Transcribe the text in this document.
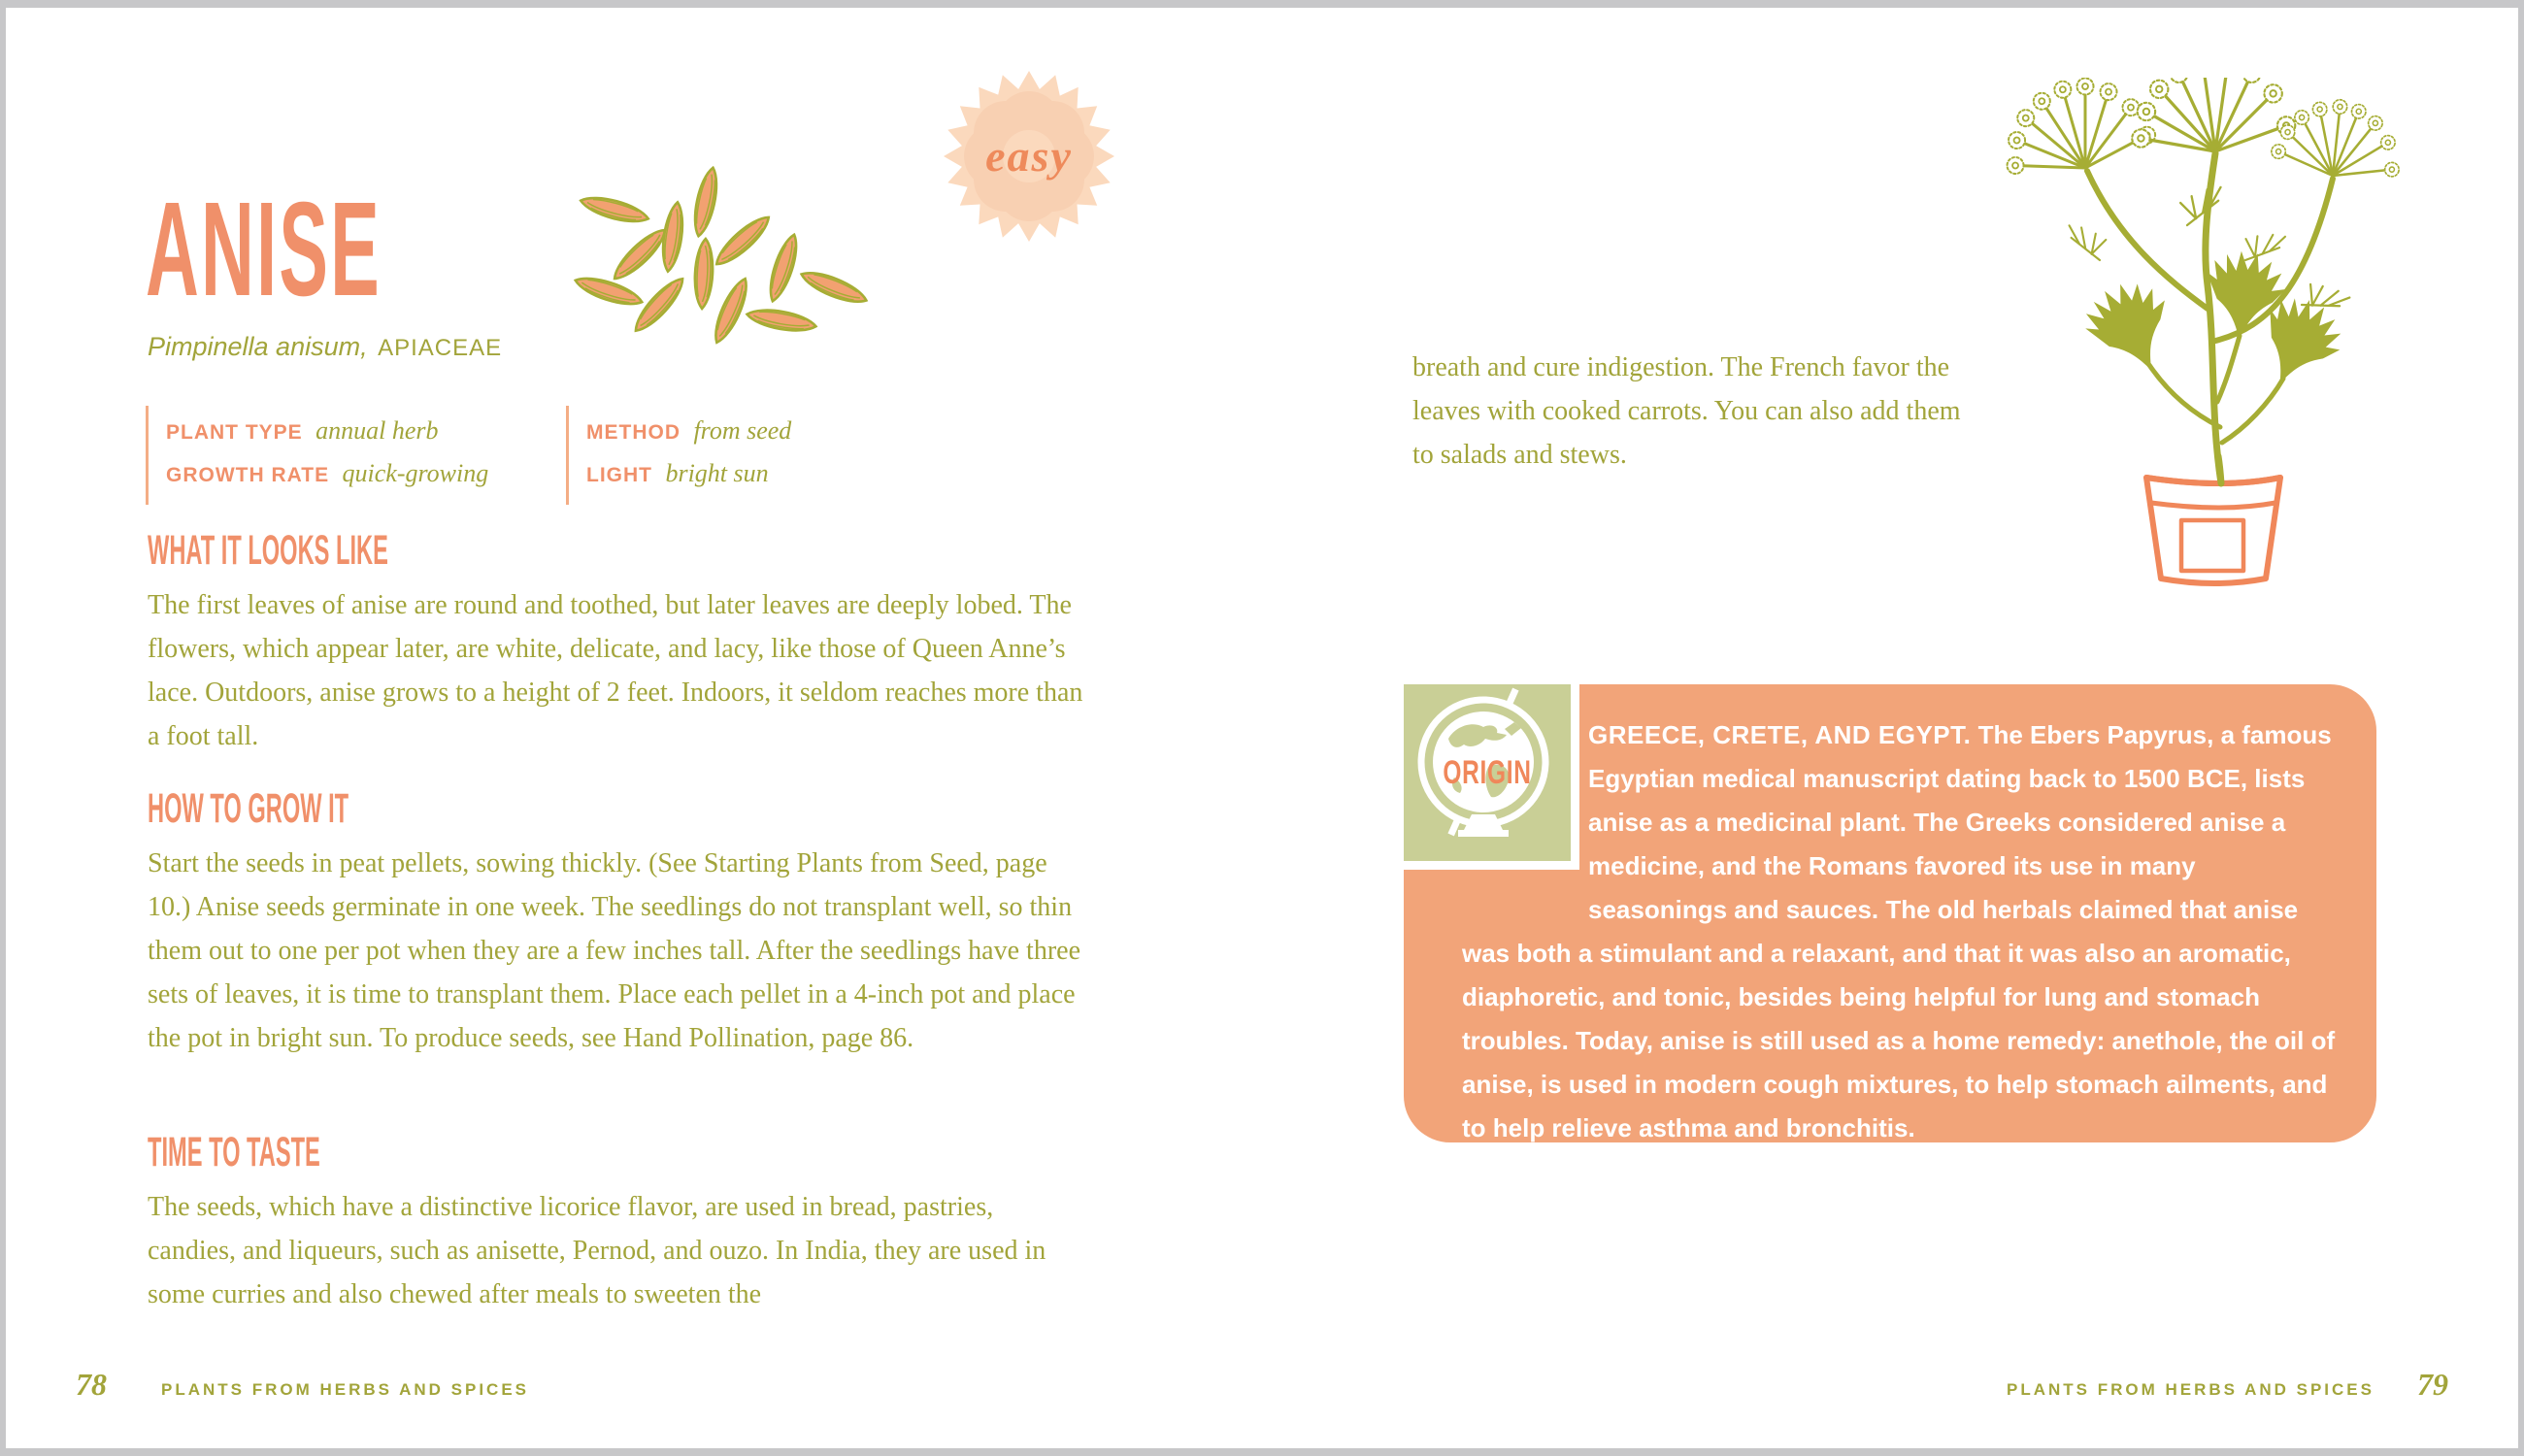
ANISE
Pimpinella anisum, APIACEAE
easy
PLANT TYPE annual herb
GROWTH RATE quick-growing
METHOD from seed
LIGHT bright sun
WHAT IT LOOKS LIKE
The first leaves of anise are round and toothed, but later leaves are deeply lobed. The flowers, which appear later, are white, delicate, and lacy, like those of Queen Anne’s lace. Outdoors, anise grows to a height of 2 feet. Indoors, it seldom reaches more than a foot tall.
HOW TO GROW IT
Start the seeds in peat pellets, sowing thickly. (See Starting Plants from Seed, page 10.) Anise seeds germinate in one week. The seedlings do not transplant well, so thin them out to one per pot when they are a few inches tall. After the seedlings have three sets of leaves, it is time to transplant them. Place each pellet in a 4-inch pot and place the pot in bright sun. To produce seeds, see Hand Pollination, page 86.
TIME TO TASTE
The seeds, which have a distinctive licorice flavor, are used in bread, pastries, candies, and liqueurs, such as anisette, Pernod, and ouzo. In India, they are used in some curries and also chewed after meals to sweeten the
78	PLANTS FROM HERBS AND SPICES
breath and cure indigestion. The French favor the leaves with cooked carrots. You can also add them to salads and stews.
ORIGIN
GREECE, CRETE, AND EGYPT. The Ebers Papyrus, a famous Egyptian medical manuscript dating back to 1500 BCE, lists anise as a medicinal plant. The Greeks considered anise a medicine, and the Romans favored its use in many seasonings and sauces. The old herbals claimed that anise was both a stimulant and a relaxant, and that it was also an aromatic, diaphoretic, and tonic, besides being helpful for lung and stomach troubles. Today, anise is still used as a home remedy: anethole, the oil of anise, is used in modern cough mixtures, to help stomach ailments, and to help relieve asthma and bronchitis.
PLANTS FROM HERBS AND SPICES 79
